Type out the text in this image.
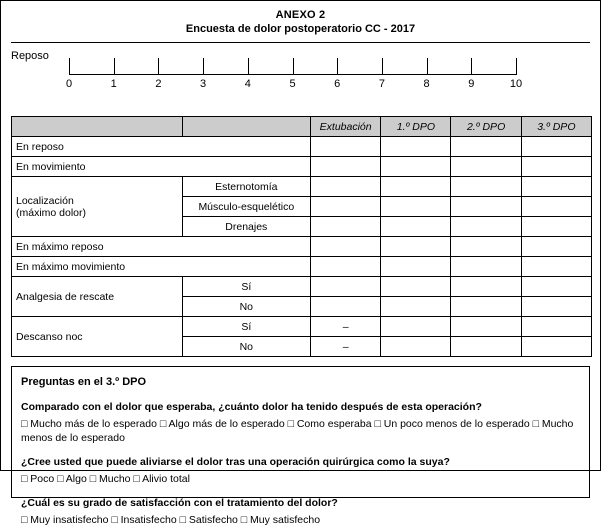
ANEXO 2
Encuesta de dolor postoperatorio CC - 2017
Reposo
0	1	2	3	4	5	6	7	8	9	10
		Extubación	1.º DPO	2.º DPO	3.º DPO
En reposo					
En movimiento					
Localización
(máximo dolor)	Esternotomía				
	Músculo-esquelético				
	Drenajes				
En máximo reposo					
En máximo movimiento					
Analgesia de rescate	Sí				
	No				
Descanso noc	Sí	–			
	No	–			
Preguntas en el 3.º DPO
Comparado con el dolor que esperaba, ¿cuánto dolor ha tenido después de esta operación?
□ Mucho más de lo esperado □ Algo más de lo esperado □ Como esperaba □ Un poco menos de lo esperado □ Mucho menos de lo esperado
¿Cree usted que puede aliviarse el dolor tras una operación quirúrgica como la suya?
□ Poco □ Algo □ Mucho □ Alivio total
¿Cuál es su grado de satisfacción con el tratamiento del dolor?
□ Muy insatisfecho □ Insatisfecho □ Satisfecho □ Muy satisfecho
